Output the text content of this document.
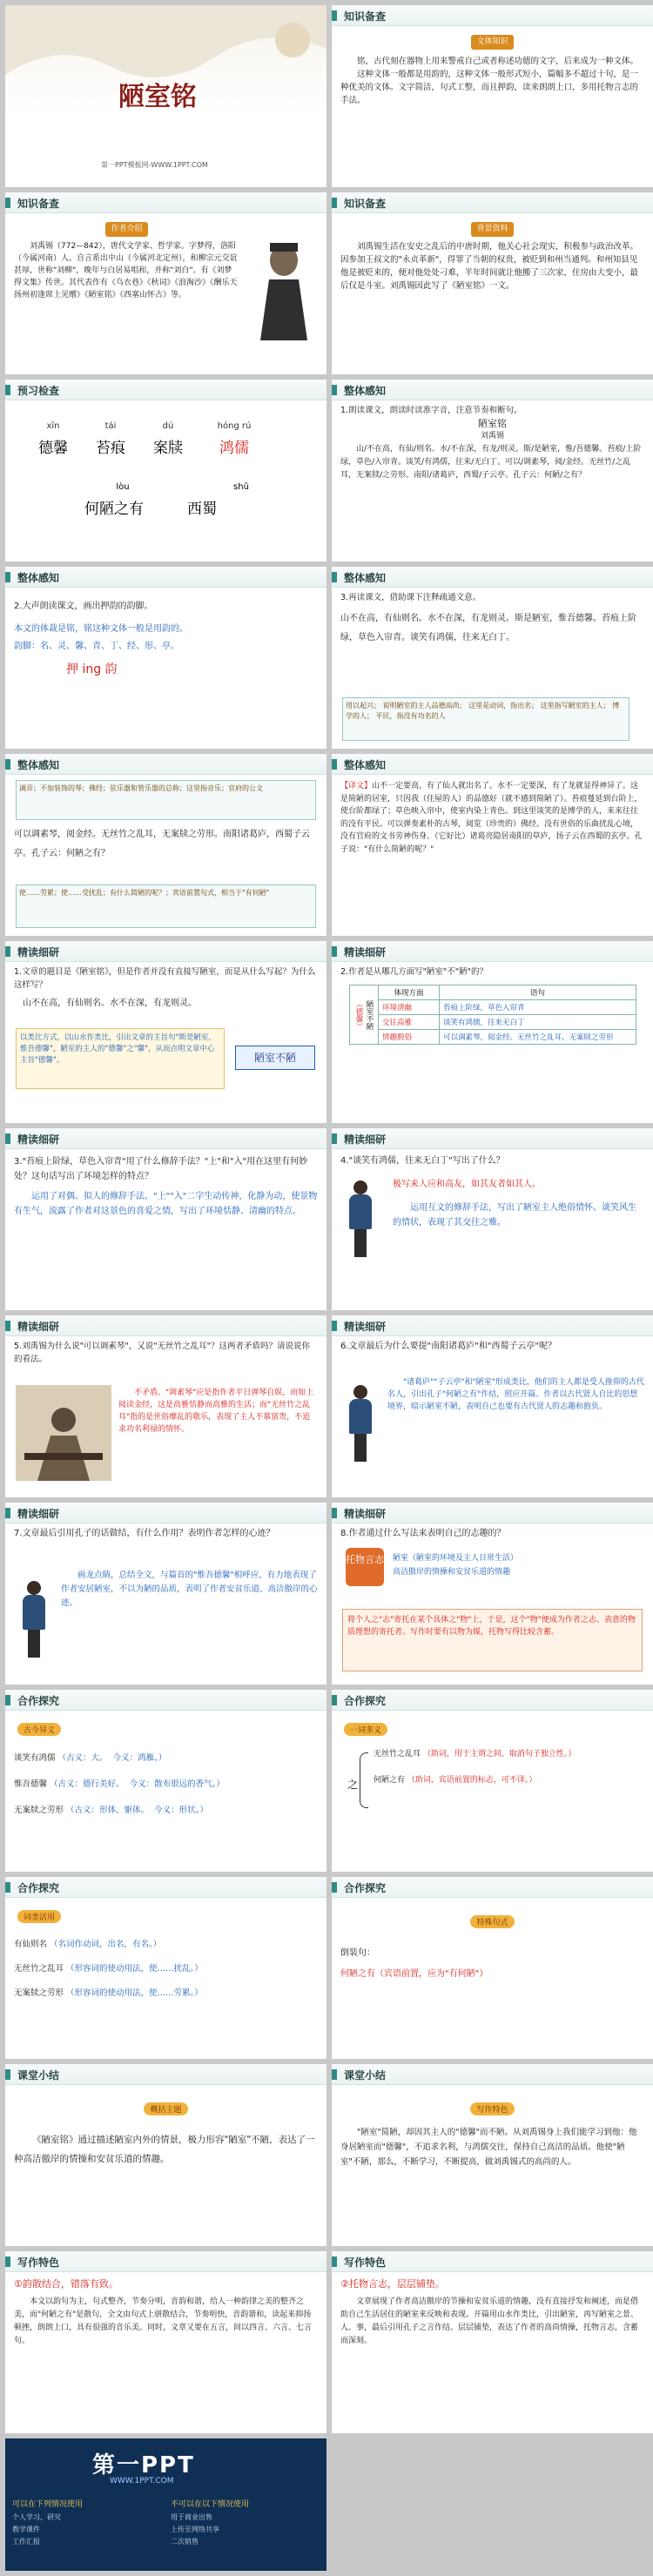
陋室铭
第一PPT模板网-WWW.1PPT.COM
知识备查
文体知识

铭，古代刻在器物上用来警戒自己或者称述功德的文字，后来成为一种文体。

这种文体一般都是用韵的，这种文体一般形式短小，篇幅多不超过十句，是一种优美的文体。文字简洁，句式工整，而且押韵，读来朗朗上口，多用托物言志的手法。

知识备查
作者介绍

刘禹锡（772—842），唐代文学家、哲学家。字梦得，洛阳（今属河南）人。自言系出中山（今属河北定州），和柳宗元交谊甚厚，世称"刘柳"，晚年与白居易唱和，并称"刘白"。有《刘梦得文集》传世。其代表作有《乌衣巷》《秋词》《浪淘沙》《酬乐天扬州初逢席上见赠》《陋室铭》《西塞山怀古》等。

知识备查
背景资料

刘禹锡生活在安史之乱后的中唐时期，他关心社会现实，积极参与政治改革。因参加王叔文的"永贞革新"，得罪了当朝的权贵，被贬到和州当通判。和州知县见他是被贬来的，便对他处处刁难，半年时间就让他搬了三次家，住房由大变小，最后仅是斗室。刘禹锡因此写了《陋室铭》一文。

预习检查
xīn	tái	dú	hóng rú
德馨 苔痕 案牍 鸿儒
lòu	shǔ
何陋之有	西蜀
整体感知

1.朗读课文，朗读时读准字音，注意节奏和断句。

陋室铭

刘禹锡

山/不在高，有仙/则名。水/不在深，有龙/则灵。斯/是陋室，惟/吾德馨。苔痕/上阶绿，草色/入帘青。谈笑/有鸿儒，往来/无白丁。可以/调素琴，阅/金经。无丝竹/之乱耳，无案牍/之劳形。南阳/诸葛庐，西蜀/子云亭。孔子云：何陋/之有？

整体感知

2.大声朗读课文，画出押韵的韵脚。

本文的体裁是铭，铭这种文体一般是用韵的。

韵脚：名、灵、馨、青、丁、经、形、亭。

押 ing 韵

整体感知

3.再读课文，借助课下注释疏通文意。

山不在高，有仙则名。水不在深，有龙则灵。斯是陋室，惟吾德馨。苔痕上阶绿，草色入帘青。谈笑有鸿儒，往来无白丁。

用以起兴； 说明陋室的主人品德高尚； 这里是动词，指出名； 这里指写陋室的主人； 博学的人； 平民，指没有功名的人
整体感知
调弄；不加装饰的琴；佛经；弦乐器和管乐器的总称；这里指音乐；官府的公文
可以调素琴，阅金经。无丝竹之乱耳，无案牍之劳形。南阳诸葛庐，西蜀子云亭。孔子云：何陋之有？
使……劳累；使……受扰乱；有什么简陋的呢？；宾语前置句式，相当于"有何陋"
整体感知
【译文】山不一定要高，有了仙人就出名了。水不一定要深，有了龙就显得神异了。这是简陋的居室，只因我（住屋的人）的品德好（就不感到简陋了）。苔痕蔓延到台阶上，使台阶都绿了；草色映入帘中，使室内染上青色。到这里谈笑的是博学的人，来来往往的没有平民。可以弹奏素朴的古琴，阅览（珍贵的）佛经。没有世俗的乐曲扰乱心境，没有官府的文书劳神伤身。（它好比）诸葛亮隐居南阳的草庐，扬子云在西蜀的玄亭。孔子说："有什么简陋的呢？"
精读细研

1.文章的题目是《陋室铭》，但是作者并没有直接写陋室，而是从什么写起？为什么这样写？

山不在高，有仙则名。水不在深，有龙则灵。

以类比方式，以山水作类比，引出文章的主旨句"斯是陋室，惟吾德馨"，陋室的主人的"德馨"之"馨"，从而点明文章中心主旨"德馨"。	陋室不陋
精读细研
2.作者是从哪几方面写"陋室"不"陋"的？
陋室不陋
（德馨）	体现方面	语句
	环境清幽	苔痕上阶绿，草色入帘青
	交往高雅	谈笑有鸿儒，往来无白丁
	情趣脱俗	可以调素琴，阅金经。无丝竹之乱耳，无案牍之劳形
精读细研

3."苔痕上阶绿，草色入帘青"用了什么修辞手法？"上"和"入"用在这里有何妙处？这句话写出了环境怎样的特点？

运用了对偶、拟人的修辞手法。"上""入"二字生动传神，化静为动，使景物有生气，流露了作者对这景色的喜爱之情，写出了环境恬静、清幽的特点。

精读细研
4."谈笑有鸿儒，往来无白丁"写出了什么？

极写来人应和高友，如其友者如其人。

运用互文的修辞手法，写出了陋室主人绝俗情怀、谈笑风生的情状，表现了其交往之雅。

精读细研
5.刘禹锡为什么说"可以调素琴"，又说"无丝竹之乱耳"？这两者矛盾吗？请说说你的看法。
不矛盾。"调素琴"应是指作者平日弹琴自娱，而如上阅读金经，这是高雅恬静而高雅的生活；而"无丝竹之乱耳"指的是世俗靡乱的歌乐，表现了主人不慕富贵，不追求功名利禄的情怀。
精读细研
6.文章最后为什么要提"南阳诸葛庐"和"西蜀子云亭"呢？
"诸葛庐""子云亭"和"陋室"形成类比，他们的主人都是受人推仰的古代名人，引出孔子"何陋之有"作结，照应开篇。作者以古代贤人自比的思想境界，暗示陋室不陋，表明自己也要有古代贤人的志趣和抱负。
精读细研
7.文章最后引用孔子的话做结，有什么作用？表明作者怎样的心迹？
画龙点睛，总结全文，与篇首的"惟吾德馨"相呼应，有力地表现了作者安居陋室，不以为陋的品质，表明了作者安贫乐道、高洁傲岸的心迹。
精读细研
8.作者通过什么写法来表明自己的志趣的？
托物言志 陋室（陋室的环境及主人日常生活）

高洁傲岸的情操和安贫乐道的情趣

将个人之"志"寄托在某个具体之"物"上，于是，这个"物"便成为作者之志、表意的物质理想的寄托者。写作时要有以物为媒，托物写得比较含蓄。
合作探究
古今异义

谈笑有鸿儒 （古义：大。 今义：鸿雁。）

惟吾德馨 （古义：德行美好。 今义：散布很远的香气。）

无案牍之劳形 （古义：形体、躯体。 今义：形状。）

合作探究
一词多义
之

无丝竹之乱耳 （助词，用于主谓之间，取消句子独立性。）

何陋之有 （助词，宾语前置的标志，可不译。）

合作探究
词类活用

有仙则名 （名词作动词，出名，有名。）

无丝竹之乱耳 （形容词的使动用法，使……扰乱。）

无案牍之劳形 （形容词的使动用法，使……劳累。）

合作探究
特殊句式

倒装句：

何陋之有（宾语前置，应为"有何陋"）

课堂小结
概括主题
《陋室铭》通过描述陋室内外的情景，极力形容"陋室"不陋，表达了一种高洁傲岸的情操和安贫乐道的情趣。
课堂小结
写作特色
"陋室"简陋，却因其主人的"德馨"而不陋。从刘禹锡身上我们能学习到他：他身居陋室而"德馨"，不追求名利，与鸿儒交往，保持自己高洁的品质。他使"陋室"不陋，那么，不断学习，不断提高，做刘禹锡式的高尚的人。
写作特色

①韵散结合，错落有致。

本文以韵句为主，句式整齐，节奏分明，音韵和谐，给人一种韵律之美的整齐之美，而"何陋之有"是散句，全文由句式上骈散结合，节奏明快，音韵谐和，读起来抑扬顿挫，朗朗上口，具有很强的音乐美。同时，文章又要在五言，间以四言、六言、七言句。

写作特色

②托物言志，层层铺垫。

文章展现了作者高洁傲岸的节操和安贫乐道的情趣，没有直接抒发和阐述，而是借助自己生活居住的陋室来反映和表现。开篇用山水作类比，引出陋室，再写陋室之景、人、事，最后引用孔子之言作结。层层铺垫，表达了作者的高尚情操，托物言志，含蓄而深刻。

第一PPT
WWW.1PPT.COM
可以在下列情况使用	不可以在以下情况使用

个人学习、研究

教学课件

工作汇报

用于商业出售

上传至网络共享

二次销售
